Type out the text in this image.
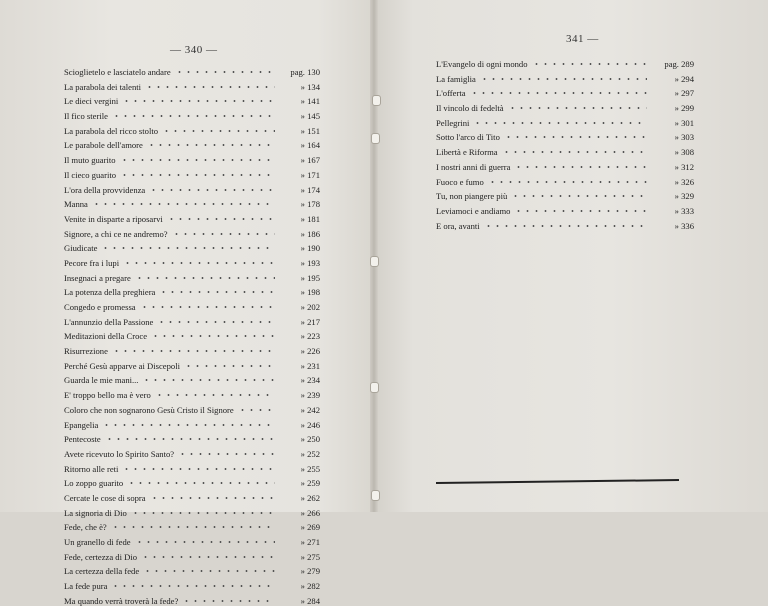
— 340 —
Scioglietelo e lasciatelo andare	pag. 130
La parabola dei talenti	» 134
Le dieci vergini	» 141
Il fico sterile	» 145
La parabola del ricco stolto	» 151
Le parabole dell'amore	» 164
Il muto guarito	» 167
Il cieco guarito	» 171
L'ora della provvidenza	» 174
Manna	» 178
Venite in disparte a riposarvi	» 181
Signore, a chi ce ne andremo?	» 186
Giudicate	» 190
Pecore fra i lupi	» 193
Insegnaci a pregare	» 195
La potenza della preghiera	» 198
Congedo e promessa	» 202
L'annunzio della Passione	» 217
Meditazioni della Croce	» 223
Risurrezione	» 226
Perché Gesù apparve ai Discepoli	» 231
Guarda le mie mani...	» 234
E' troppo bello ma è vero	» 239
Coloro che non sognarono Gesù Cristo il Signore	» 242
Epangelia	» 246
Pentecoste	» 250
Avete ricevuto lo Spirito Santo?	» 252
Ritorno alle reti	» 255
Lo zoppo guarito	» 259
Cercate le cose di sopra	» 262
La signoria di Dio	» 266
Fede, che è?	» 269
Un granello di fede	» 271
Fede, certezza di Dio	» 275
La certezza della fede	» 279
La fede pura	» 282
Ma quando verrà troverà la fede?	» 284
341 —
L'Evangelo di ogni mondo	pag. 289
La famiglia	» 294
L'offerta	» 297
Il vincolo di fedeltà	» 299
Pellegrini	» 301
Sotto l'arco di Tito	» 303
Libertà e Riforma	» 308
I nostri anni di guerra	» 312
Fuoco e fumo	» 326
Tu, non piangere più	» 329
Leviamoci e andiamo	» 333
E ora, avanti	» 336
